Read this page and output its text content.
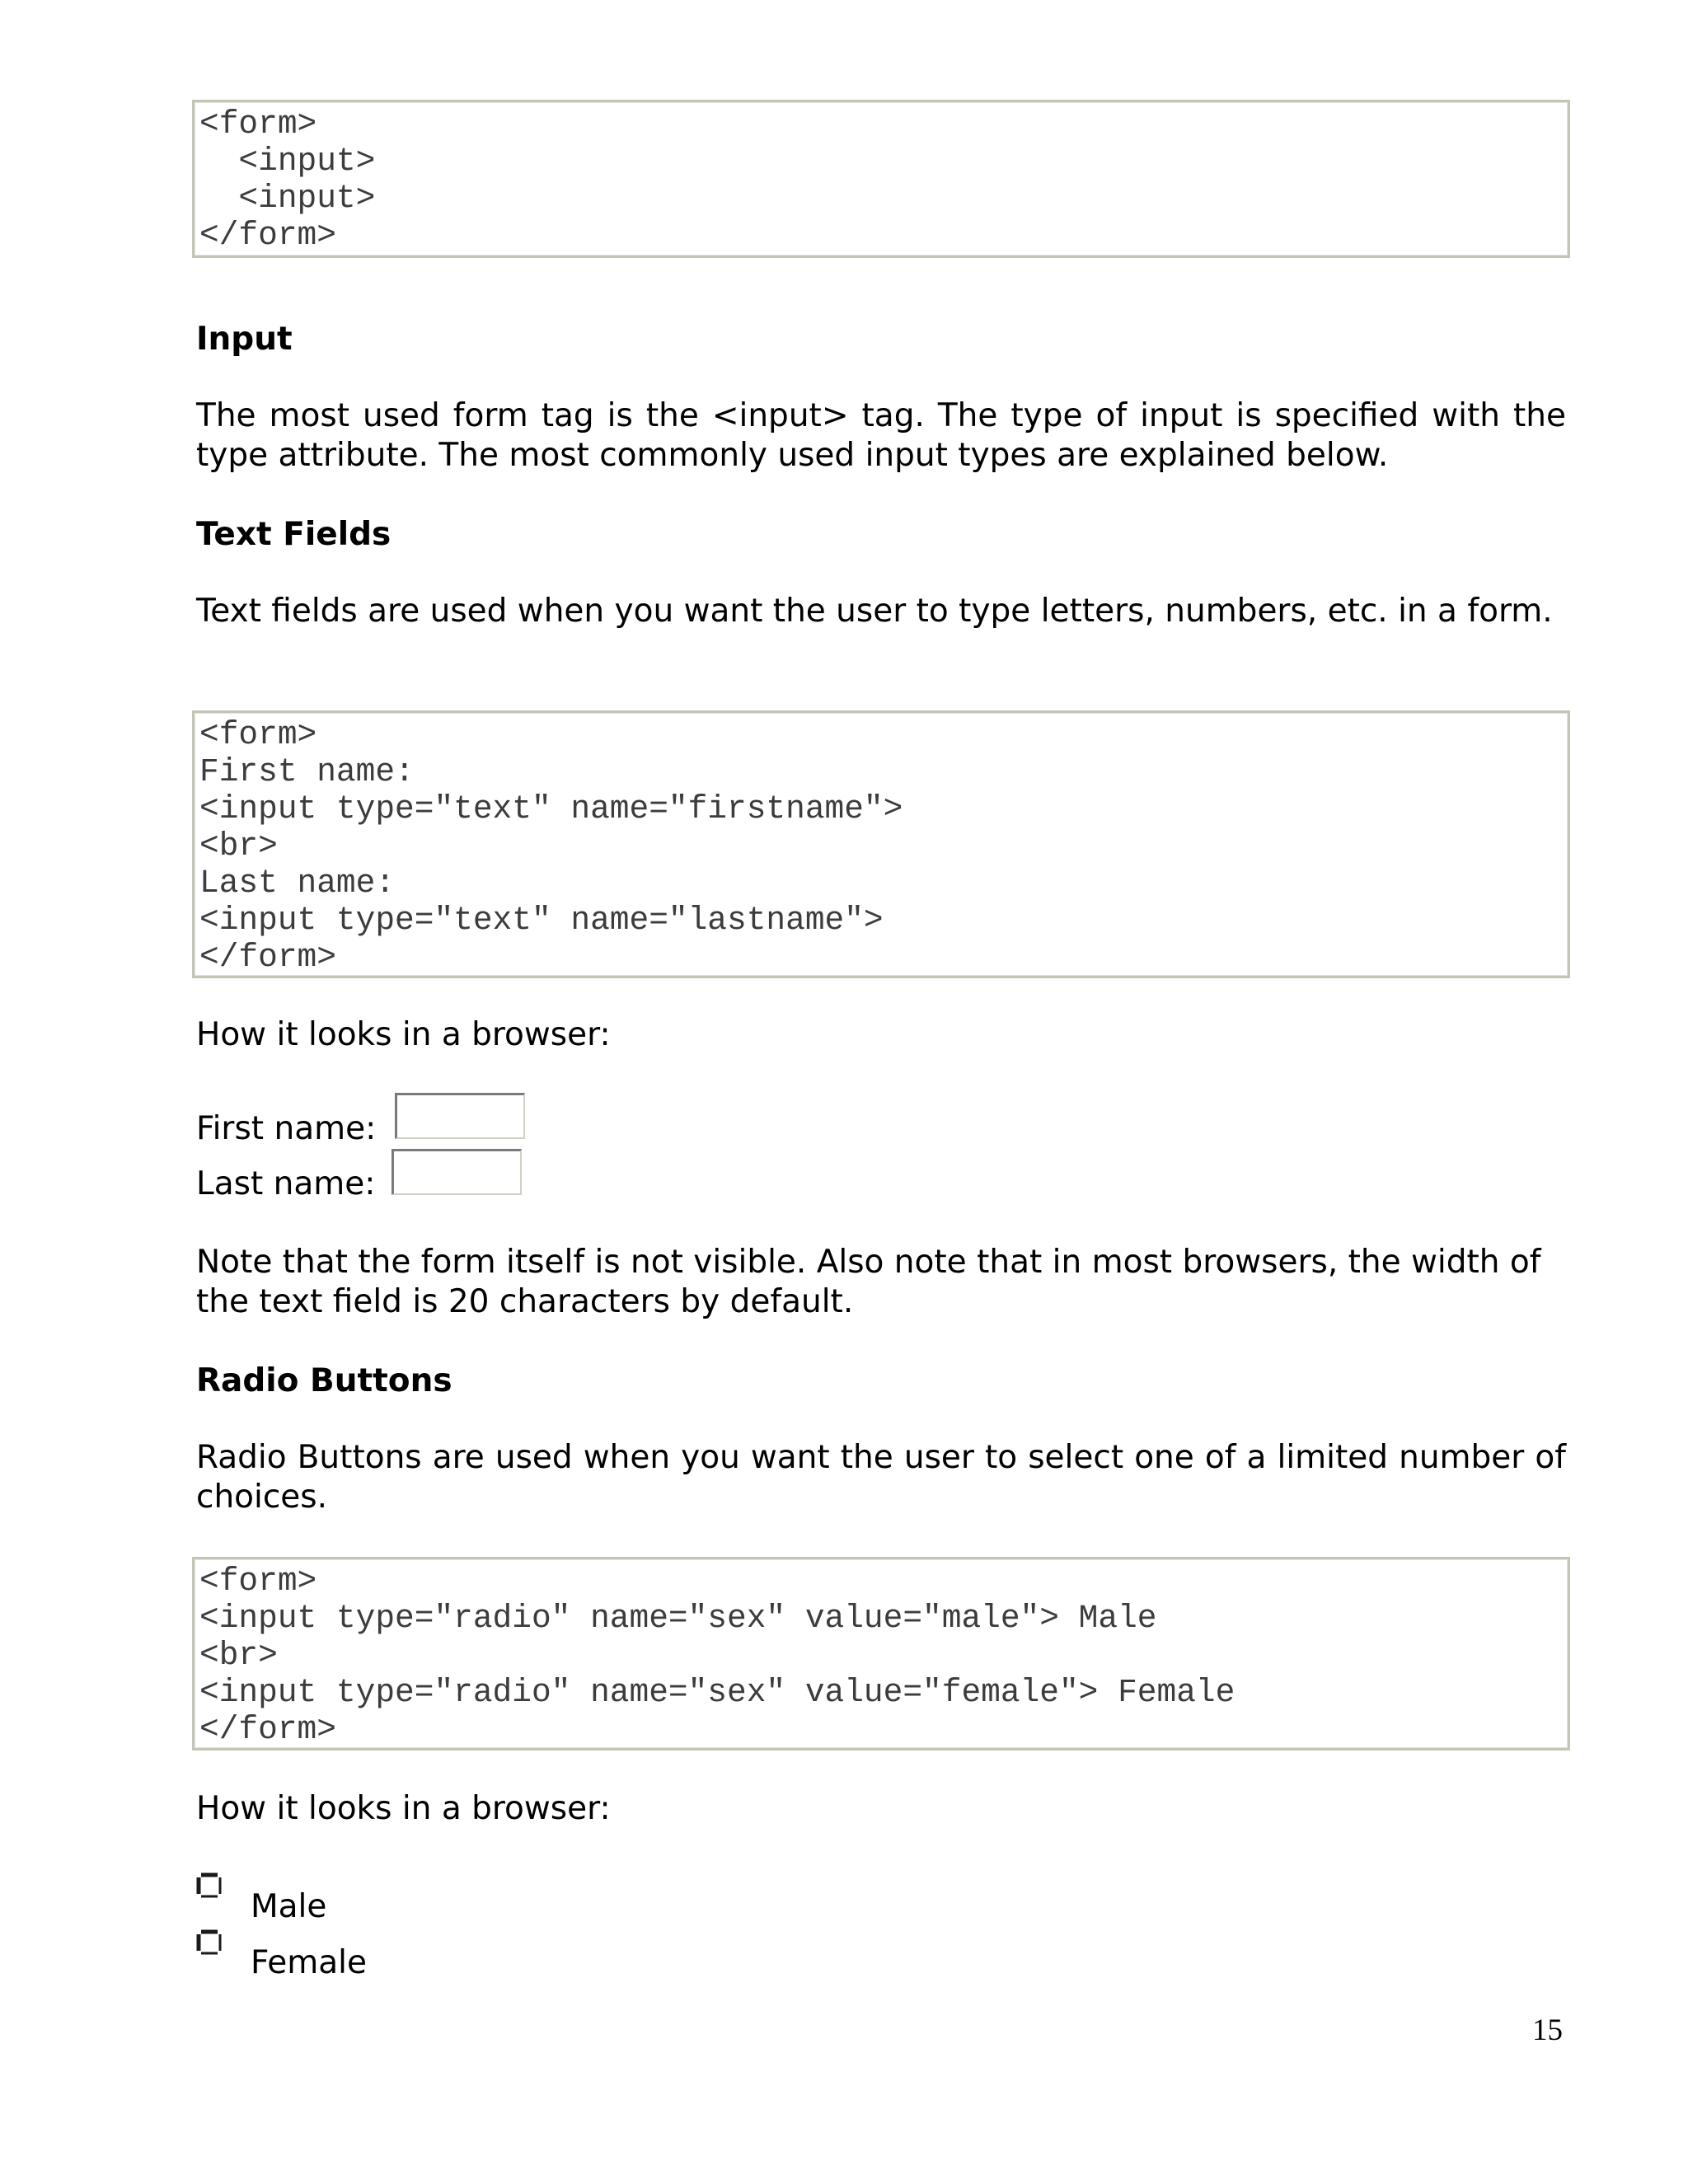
<form>
<input>
<input>
</form>
Input
The most used form tag is the <input> tag. The type of input is specified with the type attribute. The most commonly used input types are explained below.
Text Fields
Text fields are used when you want the user to type letters, numbers, etc. in a form.
<form>
First name:
<input type="text" name="firstname">
<br>
Last name:
<input type="text" name="lastname">
</form>
How it looks in a browser:
First name:
Last name:
Note that the form itself is not visible. Also note that in most browsers, the width of the text field is 20 characters by default.
Radio Buttons
Radio Buttons are used when you want the user to select one of a limited number of choices.
<form>
<input type="radio" name="sex" value="male"> Male
<br>
<input type="radio" name="sex" value="female"> Female
</form>
How it looks in a browser:
Male
Female
15
